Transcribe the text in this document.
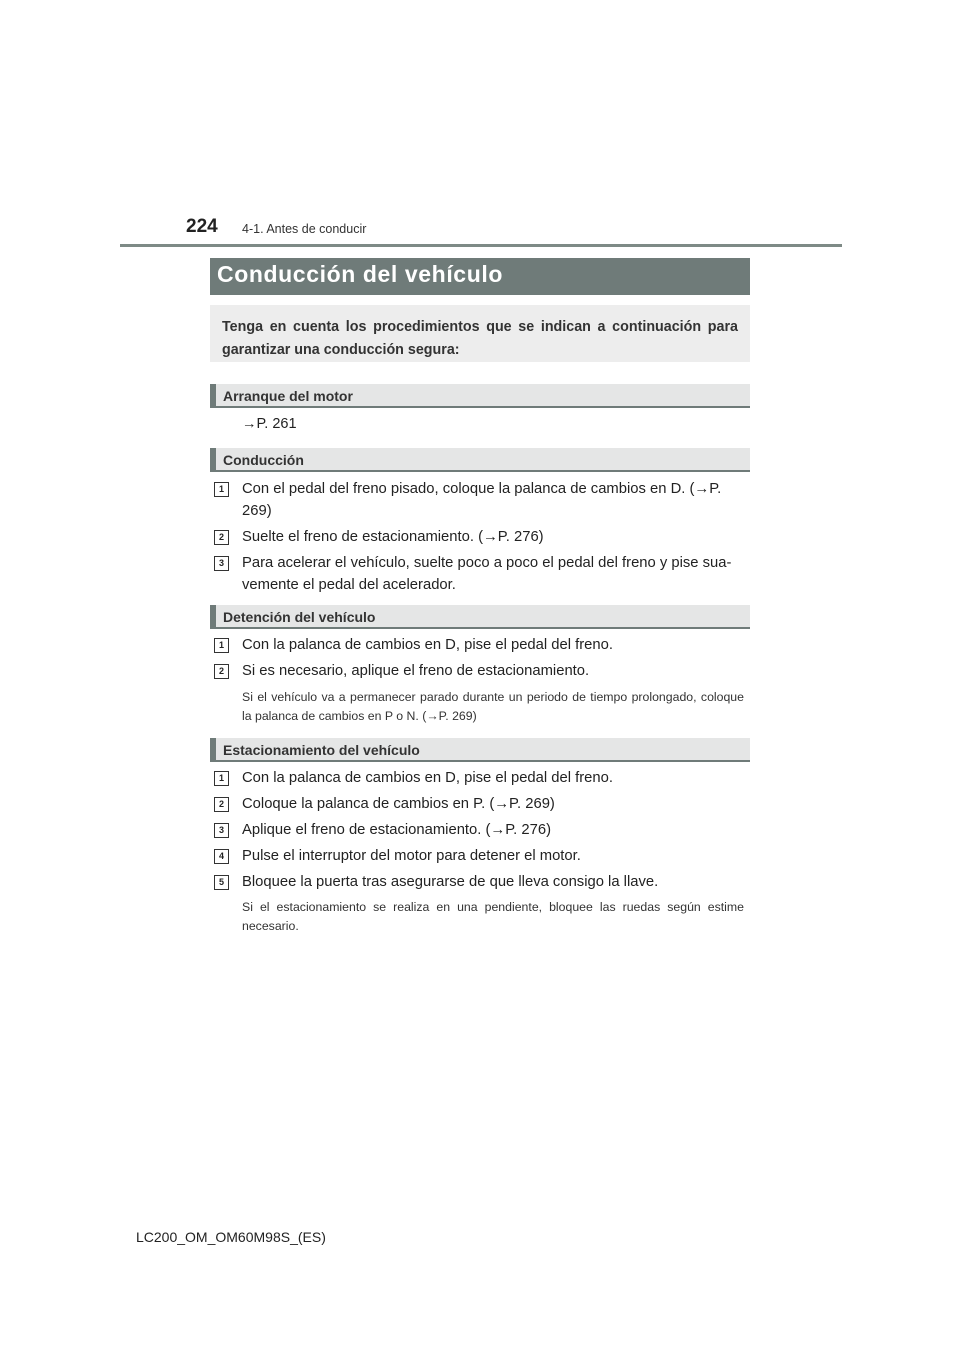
224 4-1. Antes de conducir
Conducción del vehículo
Tenga en cuenta los procedimientos que se indican a continuación para garantizar una conducción segura:
Arranque del motor
→P. 261
Conducción
1	Con el pedal del freno pisado, coloque la palanca de cambios en D. (→P. 269)
2	Suelte el freno de estacionamiento. (→P. 276)
3	Para acelerar el vehículo, suelte poco a poco el pedal del freno y pise sua-vemente el pedal del acelerador.
Detención del vehículo
1	Con la palanca de cambios en D, pise el pedal del freno.
2	Si es necesario, aplique el freno de estacionamiento.
Si el vehículo va a permanecer parado durante un periodo de tiempo prolongado, coloque la palanca de cambios en P o N. (→P. 269)
Estacionamiento del vehículo
1	Con la palanca de cambios en D, pise el pedal del freno.
2	Coloque la palanca de cambios en P. (→P. 269)
3	Aplique el freno de estacionamiento. (→P. 276)
4	Pulse el interruptor del motor para detener el motor.
5	Bloquee la puerta tras asegurarse de que lleva consigo la llave.
Si el estacionamiento se realiza en una pendiente, bloquee las ruedas según estime necesario.
LC200_OM_OM60M98S_(ES)
